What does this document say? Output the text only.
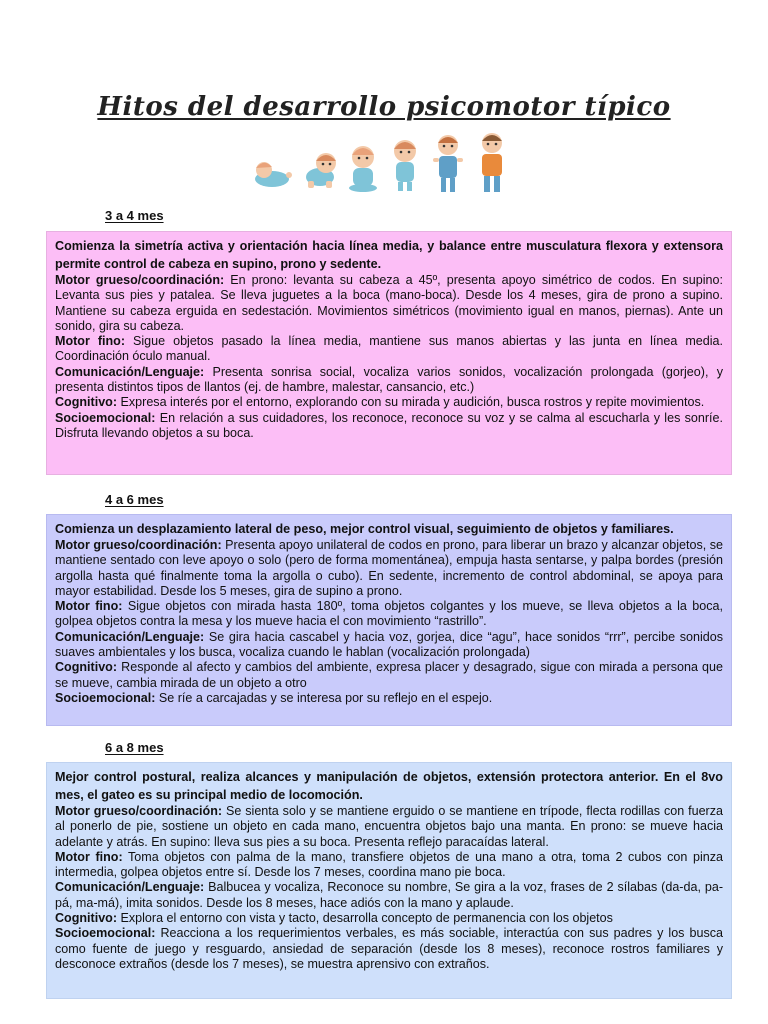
Hitos del desarrollo psicomotor típico
3 a 4 mes

Comienza la simetría activa y orientación hacia línea media, y balance entre musculatura flexora y extensora permite control de cabeza en supino, prono y sedente.

Motor grueso/coordinación: En prono: levanta su cabeza a 45º, presenta apoyo simétrico de codos. En supino: Levanta sus pies y patalea. Se lleva juguetes a la boca (mano-boca). Desde los 4 meses, gira de prono a supino. Mantiene su cabeza erguida en sedestación. Movimientos simétricos (movimiento igual en manos, piernas). Ante un sonido, gira su cabeza.

Motor fino: Sigue objetos pasado la línea media, mantiene sus manos abiertas y las junta en línea media. Coordinación óculo manual.

Comunicación/Lenguaje: Presenta sonrisa social, vocaliza varios sonidos, vocalización prolongada (gorjeo), y presenta distintos tipos de llantos (ej. de hambre, malestar, cansancio, etc.)

Cognitivo: Expresa interés por el entorno, explorando con su mirada y audición, busca rostros y repite movimientos.

Socioemocional: En relación a sus cuidadores, los reconoce, reconoce su voz y se calma al escucharla y les sonríe. Disfruta llevando objetos a su boca.

4 a 6 mes

Comienza un desplazamiento lateral de peso, mejor control visual, seguimiento de objetos y familiares.

Motor grueso/coordinación: Presenta apoyo unilateral de codos en prono, para liberar un brazo y alcanzar objetos, se mantiene sentado con leve apoyo o solo (pero de forma momentánea), empuja hasta sentarse, y palpa bordes (presión argolla hasta qué finalmente toma la argolla o cubo). En sedente, incremento de control abdominal, se apoya para mayor estabilidad. Desde los 5 meses, gira de supino a prono.

Motor fino: Sigue objetos con mirada hasta 180º, toma objetos colgantes y los mueve, se lleva objetos a la boca, golpea objetos contra la mesa y los mueve hacia el con movimiento “rastrillo”.

Comunicación/Lenguaje: Se gira hacia cascabel y hacia voz, gorjea, dice “agu”, hace sonidos “rrr”, percibe sonidos suaves ambientales y los busca, vocaliza cuando le hablan (vocalización prolongada)

Cognitivo: Responde al afecto y cambios del ambiente, expresa placer y desagrado, sigue con mirada a persona que se mueve, cambia mirada de un objeto a otro

Socioemocional: Se ríe a carcajadas y se interesa por su reflejo en el espejo.

6 a 8 mes

Mejor control postural, realiza alcances y manipulación de objetos, extensión protectora anterior. En el 8vo mes, el gateo es su principal medio de locomoción.

Motor grueso/coordinación: Se sienta solo y se mantiene erguido o se mantiene en trípode, flecta rodillas con fuerza al ponerlo de pie, sostiene un objeto en cada mano, encuentra objetos bajo una manta. En prono: se mueve hacia adelante y atrás. En supino: lleva sus pies a su boca. Presenta reflejo paracaídas lateral.

Motor fino: Toma objetos con palma de la mano, transfiere objetos de una mano a otra, toma 2 cubos con pinza intermedia, golpea objetos entre sí. Desde los 7 meses, coordina mano pie boca.

Comunicación/Lenguaje: Balbucea y vocaliza, Reconoce su nombre, Se gira a la voz, frases de 2 sílabas (da-da, pa-pá, ma-má), imita sonidos. Desde los 8 meses, hace adiós con la mano y aplaude.

Cognitivo: Explora el entorno con vista y tacto, desarrolla concepto de permanencia con los objetos

Socioemocional: Reacciona a los requerimientos verbales, es más sociable, interactúa con sus padres y los busca como fuente de juego y resguardo, ansiedad de separación (desde los 8 meses), reconoce rostros familiares y desconoce extraños (desde los 7 meses), se muestra aprensivo con extraños.
